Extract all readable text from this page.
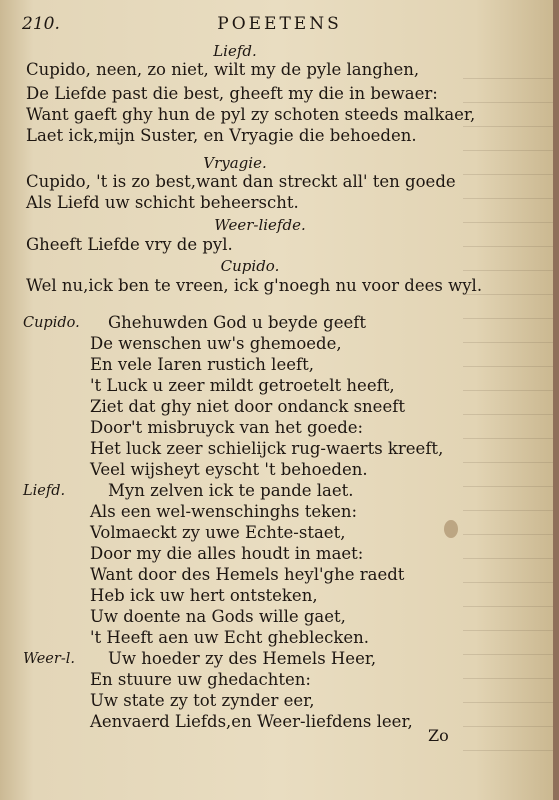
210.	POEETENS
Liefd.
Cupido, neen, zo niet, wilt my de pyle langhen,
De Liefde past die best, gheeft my die in bewaer:
Want gaeft ghy hun de pyl zy schoten steeds malkaer,
Laet ick,mijn Suster, en Vryagie die behoeden.
Vryagie.
Cupido, 't is zo best,want dan streckt all' ten goede
Als Liefd uw schicht beheerscht.
Weer-liefde.
Gheeft Liefde vry de pyl.
Cupido.
Wel nu,ick ben te vreen, ick g'noegh nu voor dees wyl.
Cupido. Ghehuwden God u beyde geeft
De wenschen uw's ghemoede,
En vele Iaren rustich leeft,
't Luck u zeer mildt getroetelt heeft,
Ziet dat ghy niet door ondanck sneeft
Door't misbruyck van het goede:
Het luck zeer schielijck rug-waerts kreeft,
Veel wijsheyt eyscht 't behoeden.
Liefd.	Myn zelven ick te pande laet.
Als een wel-wenschinghs teken:
Volmaeckt zy uwe Echte-staet,
Door my die alles houdt in maet:
Want door des Hemels heyl'ghe raedt
Heb ick uw hert ontsteken,
Uw doente na Gods wille gaet,
't Heeft aen uw Echt gheblecken.
Weer-l. Uw hoeder zy des Hemels Heer,
En stuure uw ghedachten:
Uw state zy tot zynder eer,
Aenvaerd Liefds,en Weer-liefdens leer,
Zo
